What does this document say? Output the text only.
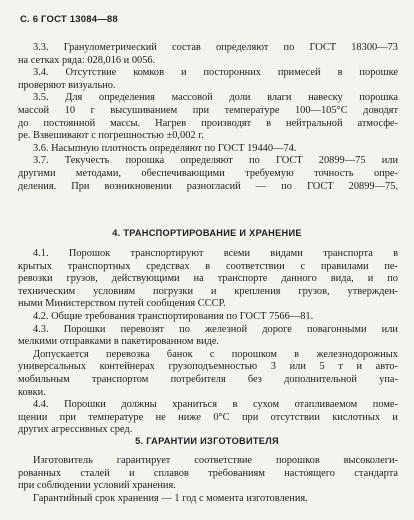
С. 6 ГОСТ 13084—88
3.3. Гранулометрический состав определяют по ГОСТ 18300—73
на сетках ряда: 028,016 и 0056.
3.4. Отсутствие комков и посторонних примесей в порошке
проверяют визуально.
3.5. Для определения массовой доли влаги навеску порошка
массой 10 г высушиванием при температуре 100—105°С доводят
до постоянной массы. Нагрев производят в нейтральной атмосфе-
ре. Взвешивают с погрешностью ±0,002 г.
3.6. Насыпную плотность определяют по ГОСТ 19440—74.
3.7. Текучесть порошка определяют по ГОСТ 20899—75 или
другими методами, обеспечивающими требуемую точность опре-
деления. При возникновении разногласий — по ГОСТ 20899—75.
4. ТРАНСПОРТИРОВАНИЕ И ХРАНЕНИЕ
4.1. Порошок транспортируют всеми видами транспорта в
крытых транспортных средствах в соответствии с правилами пе-
ревозки грузов, действующими на транспорте данного вида, и по
техническим условиям погрузки и крепления грузов, утвержден-
ными Министерством путей сообщения СССР.
4.2. Общие требования транспортирования по ГОСТ 7566—81.
4.3. Порошки перевозят по железной дороге повагонными или
мелкими отправками в пакетированном виде.
Допускается перевозка банок с порошком в железнодорожных
универсальных контейнерах грузоподъемностью 3 или 5 т и авто-
мобильным транспортом потребителя без дополнительной упа-
ковки.
4.4. Порошки должны храниться в сухом отапливаемом поме-
щении при температуре не ниже 0°С при отсутствии кислотных и
других агрессивных сред.
5. ГАРАНТИИ ИЗГОТОВИТЕЛЯ
Изготовитель гарантирует соответствие порошков высоколеги-
рованных сталей и сплавов требованиям настоящего стандарта
при соблюдении условий хранения.
Гарантийный срок хранения — 1 год с момента изготовления.
